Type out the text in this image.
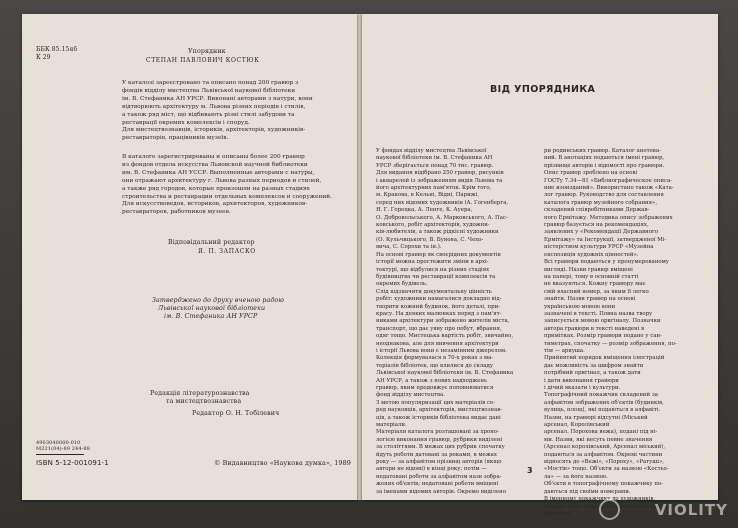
ББК 85.15я6
К 29
Упорядник
СТЕПАН ПАВЛОВИЧ КОСТЮК
У каталозі зареєстровано та описано понад 200 гравюр з
фондів відділу мистецтва Львівської наукової бібліотеки
ім. В. Стефаника АН УРСР. Виконані авторами з натури, вони
відтворюють архітектуру м. Львова різних періодів і стилів,
а також ряд міст, що відбивають різні стилі забудови та
реставрації окремих комплексів і споруд.
Для мистецтвознавців, істориків, архітекторів, художників-
реставраторів, працівників музеїв.
В каталоге зарегистрированы и описаны более 200 гравюр
из фондов отдела искусства Львовской научной библиотеки
им. В. Стефаника АН УССР. Выполненные авторами с натуры,
они отражают архитектуру г. Львова разных периодов и стилей,
а также ряд городов, которые произошли на разных стадиях
строительства и реставрации отдельных комплексов и сооружений.
Для искусствоведов, историков, архитекторов, художников-
реставраторов, работников музеев.
Відповідальний редактор
Я. П. ЗАПАСКО
Затверджено до друку вченою радою
Львівської наукової бібліотеки
ім. В. Стефаника АН УРСР
Редакція літературознавства
та мистецтвознавства
Редактор О. Н. Тобілевич
4903040000-010
М221(04)-89 244-88
ISBN 5-12-001091-1	© Видавництво «Наукова думка», 1989
ВІД УПОРЯДНИКА
У фондах відділу мистецтва Львівської
наукової бібліотеки ім. В. Стефаника АН
УРСР зберігається понад 70 тис. гравюр.
Для видання відібрано 250 гравюр, рисунків
і акварелей із зображенням видів Львова та
його архітектурних пам'яток. Крім того,
м. Кракова, в Кельні, Відні, Парижі,
серед них відомих художників (А. Гогенберга,
Я. Г. Горецка, А. Ленге, К. Ауера,
О. Добровольського, А. Марковського, А. Пас-
ковського, робіт архітекторів, художни-
ків-любителів, а також рідкісні художники
(О. Кульчицького, В. Бунова, С. Чехо-
вича, С. Сорохи та ін.).
На основі гравюр як своєрідних документів
історії можна простежити зміни в архі-
тектурі, що відбулися на різних стадіях
будівництва чи реставрації комплексів та
окремих будівель.
Слід відзначити документальну цінність
робіт: художники намагалися докладно від-
творити кожний будинок, його деталі, при-
красу. На деяких малюнках поряд з пам'ят-
никами архітектури зображено жителів міста,
транспорт, що дає уяву про побут, вбрання,
одяг тощо. Мистецька вартість робіт, звичайно,
неоднакова, але для вивчення архітектури
і історії Львова вони є незамінним джерелом.
Колекція формувалася в 70-х роках з ма-
теріалів бібліотек, що влилися до складу
Львівської наукової бібліотеки ім. В. Стефаника
АН УРСР, а також з нових надходжень
гравюр, яким продовжує поповнюватися
фонд відділу мистецтва.
З метою популяризації цих матеріалів се-
ред науковців, архітекторів, мистецтвознав-
ців, а також істориків бібліотека видає дані
матеріали.
Матеріали каталога розташовані за хроно-
логією виконання гравюр, рубрики виділені
за століттями. В межах цих рубрик спочатку
йдуть роботи датовані за роками, в межах
року — за алфавітом прізвищ авторів (якщо
автори не відомі) в кінці року; потім —
недатовані роботи за алфавітом назв зобра-
жених об'єктів; недатовані роботи вміщені
за іменами відомих авторів. Окремо виділено
ри родинських гравюр. Каталог анотова-
ний. В анотаціях подаються імені гравюр,
прізвище авторів і відомості про гравюри.
Опис гравюр зроблено на основі
ГОСТу 7.34—81 «Библиографическое описа-
ние изоизданий». Використано також «Ката-
лог гравюр. Руководство для составления
каталога гравюр музейного собрания»,
складений співробітниками Держав-
ного Ермітажу. Методика опису зображених
гравюр базується на рекомендаціях,
заявлених у «Рекомендації Державного
Ермітажу» та Інструкції, затвердженої Мі-
ністерством культури УРСР «Музейна
експозиція художніх цінностей».
Всі гравюри подаються у пронумерованому
вигляді. Назви гравюр вміщені
на папері, тому в основній статті
не вказуються. Кожну гравюру має
свій власний номер, за яким її легко
знайти. Назви гравюр на основі
українською мовою вони
зазначені в тексті. Повна назва твору
записується мовою оригіналу. Позначки
автора гравюри в тексті наведені в
примітках. Розмір гравюри подано у сан-
тиметрах, спочатку — розмір зображення, по-
тім — аркуша.
Прийнятий порядок вміщення ілюстрацій
дає можливість за шифром знайти
потрібний оригінал, а також дати
і дати виконання гравюри
і дічий вказати і культури.
Топографічний покажчик складений за
алфавітом зображених об'єктів (будинків,
вулиць, площ), які подаються в алфавіті.
Назви, на гравюрі відсутні (Міський
арсенал, Королівський
арсенал. Порохова вежа), подані під ні-
ми. Назви, які несуть певне значення
(Арсенал королівський, Арсенал міський),
подаються за алфавітом. Окремі частини
відносять до «Вежі», «Пороху», «Ратуші»,
«Мостів» тощо. Об'єкти за назвою «Костьо-
ла» — за його назвою.
Об'єкти в топографічному покажчику по-
даються під своїми номерами.
В іменному покажчику до художників,
гравців, яких подається коротка біографічна
відомість.
3
VIOLITY
